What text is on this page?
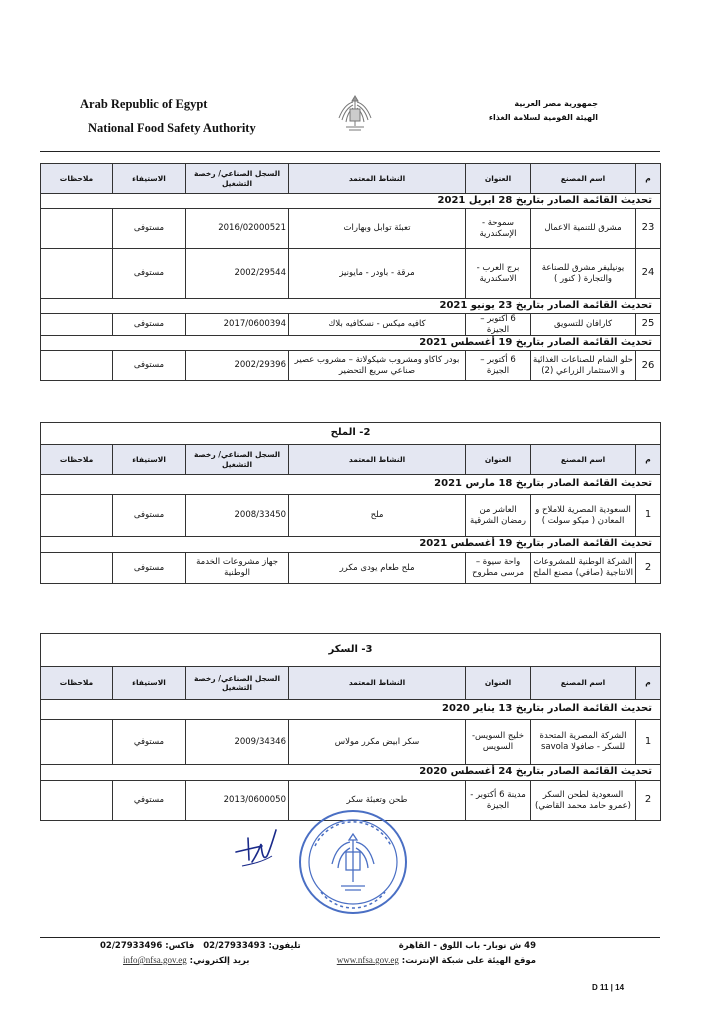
Arab Republic of Egypt
National Food Safety Authority
جمهورية مصر العربية
الهيئة القومية لسلامة الغذاء
م	اسم المصنع	العنوان	النشاط المعتمد	السجل الصناعي/ رخصة التشغيل	الاستيفاء	ملاحظات
تحديث القائمة الصادر بتاريخ 28 ابريل 2021						
23	مشرق للتنمية الاعمال	سموحة - الإسكندرية	تعبئة توابل وبهارات	2016/02000521	مستوفى	
24	يونيليفر مشرق للصناعة والتجارة ( كنور )	برج العرب - الاسكندرية	مرقة - باودر - مايونيز	2002/29544	مستوفى	
تحديث القائمة الصادر بتاريخ 23 يونيو 2021						
25	كارافان للتسويق	6 أكتوبر – الجيزة	كافيه ميكس - نسكافيه بلاك	2017/0600394	مستوفى	
تحديث القائمة الصادر بتاريخ 19 أغسطس 2021						
26	حلو الشام للصناعات الغذائية و الاستثمار الزراعي (2)	6 أكتوبر – الجيزة	بودر كاكاو ومشروب شيكولاتة – مشروب عصير صناعي سريع التحضير	2002/29396	مستوفى	
2- الملح						
م	اسم المصنع	العنوان	النشاط المعتمد	السجل الصناعي/ رخصة التشغيل	الاستيفاء	ملاحظات
تحديث القائمة الصادر بتاريخ 18 مارس 2021						
1	السعودية المصرية للاملاح و المعادن ( ميكو سولت )	العاشر من رمضان الشرقية	ملح	2008/33450	مستوفى	
تحديث القائمة الصادر بتاريخ 19 أغسطس 2021						
2	الشركة الوطنية للمشروعات الانتاجية (صافي) مصنع الملح	واحة سيوة – مرسى مطروح	ملح طعام يودى مكرر	جهاز مشروعات الخدمة الوطنية	مستوفى	
3- السكر						
م	اسم المصنع	العنوان	النشاط المعتمد	السجل الصناعي/ رخصة التشغيل	الاستيفاء	ملاحظات
تحديث القائمة الصادر بتاريخ 13 يناير 2020						
1	الشركة المصرية المتحدة للسكر - صافولا savola	خليج السويس- السويس	سكر ابيض مكرر مولاس	2009/34346	مستوفي	
تحديث القائمة الصادر بتاريخ 24 أغسطس 2020						
2	السعودية لطحن السكر (عمرو حامد محمد القاضي)	مدينة 6 أكتوبر - الجيزة	طحن وتعبئة سكر	2013/0600050	مستوفي	
49 ش نوبار- باب اللوق - القاهرة
موقع الهيئة على شبكة الإنترنت: www.nfsa.gov.eg
تليفون: 02/27933493   فاكس: 02/27933496
بريد إلكتروني: info@nfsa.gov.eg
D 11 | 14
